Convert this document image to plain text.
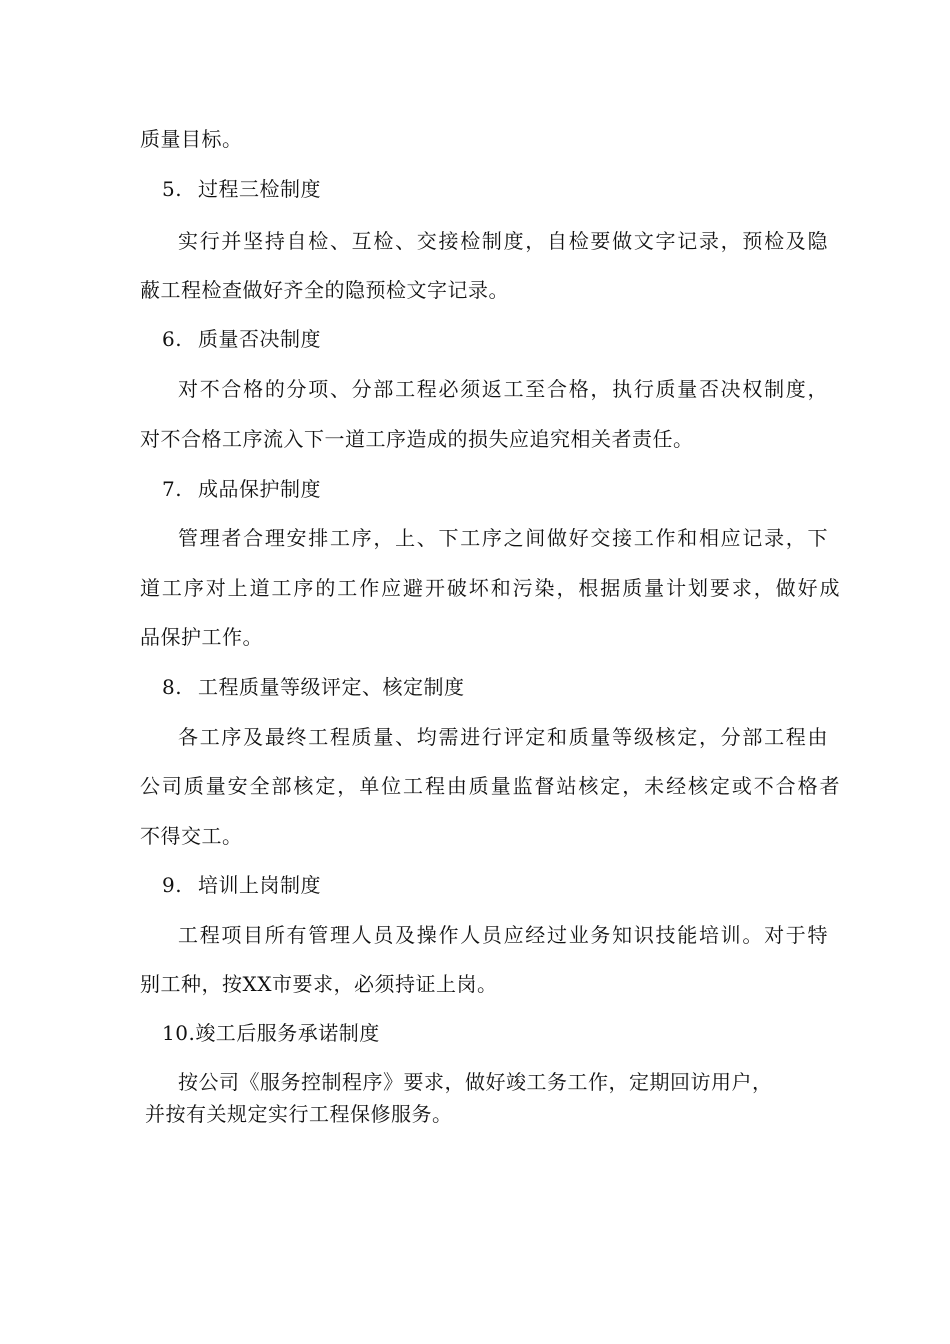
质量目标。
5. 过程三检制度
实行并坚持自检、互检、交接检制度，自检要做文字记录，预检及隐
蔽工程检查做好齐全的隐预检文字记录。
6. 质量否决制度
对不合格的分项、分部工程必须返工至合格，执行质量否决权制度，
对不合格工序流入下一道工序造成的损失应追究相关者责任。
7. 成品保护制度
管理者合理安排工序，上、下工序之间做好交接工作和相应记录，下
道工序对上道工序的工作应避开破坏和污染，根据质量计划要求，做好成
品保护工作。
8. 工程质量等级评定、核定制度
各工序及最终工程质量、均需进行评定和质量等级核定，分部工程由
公司质量安全部核定，单位工程由质量监督站核定，未经核定或不合格者
不得交工。
9. 培训上岗制度
工程项目所有管理人员及操作人员应经过业务知识技能培训。对于特
别工种，按XX市要求，必须持证上岗。
10.竣工后服务承诺制度
按公司《服务控制程序》要求，做好竣工务工作，定期回访用户，
并按有关规定实行工程保修服务。
